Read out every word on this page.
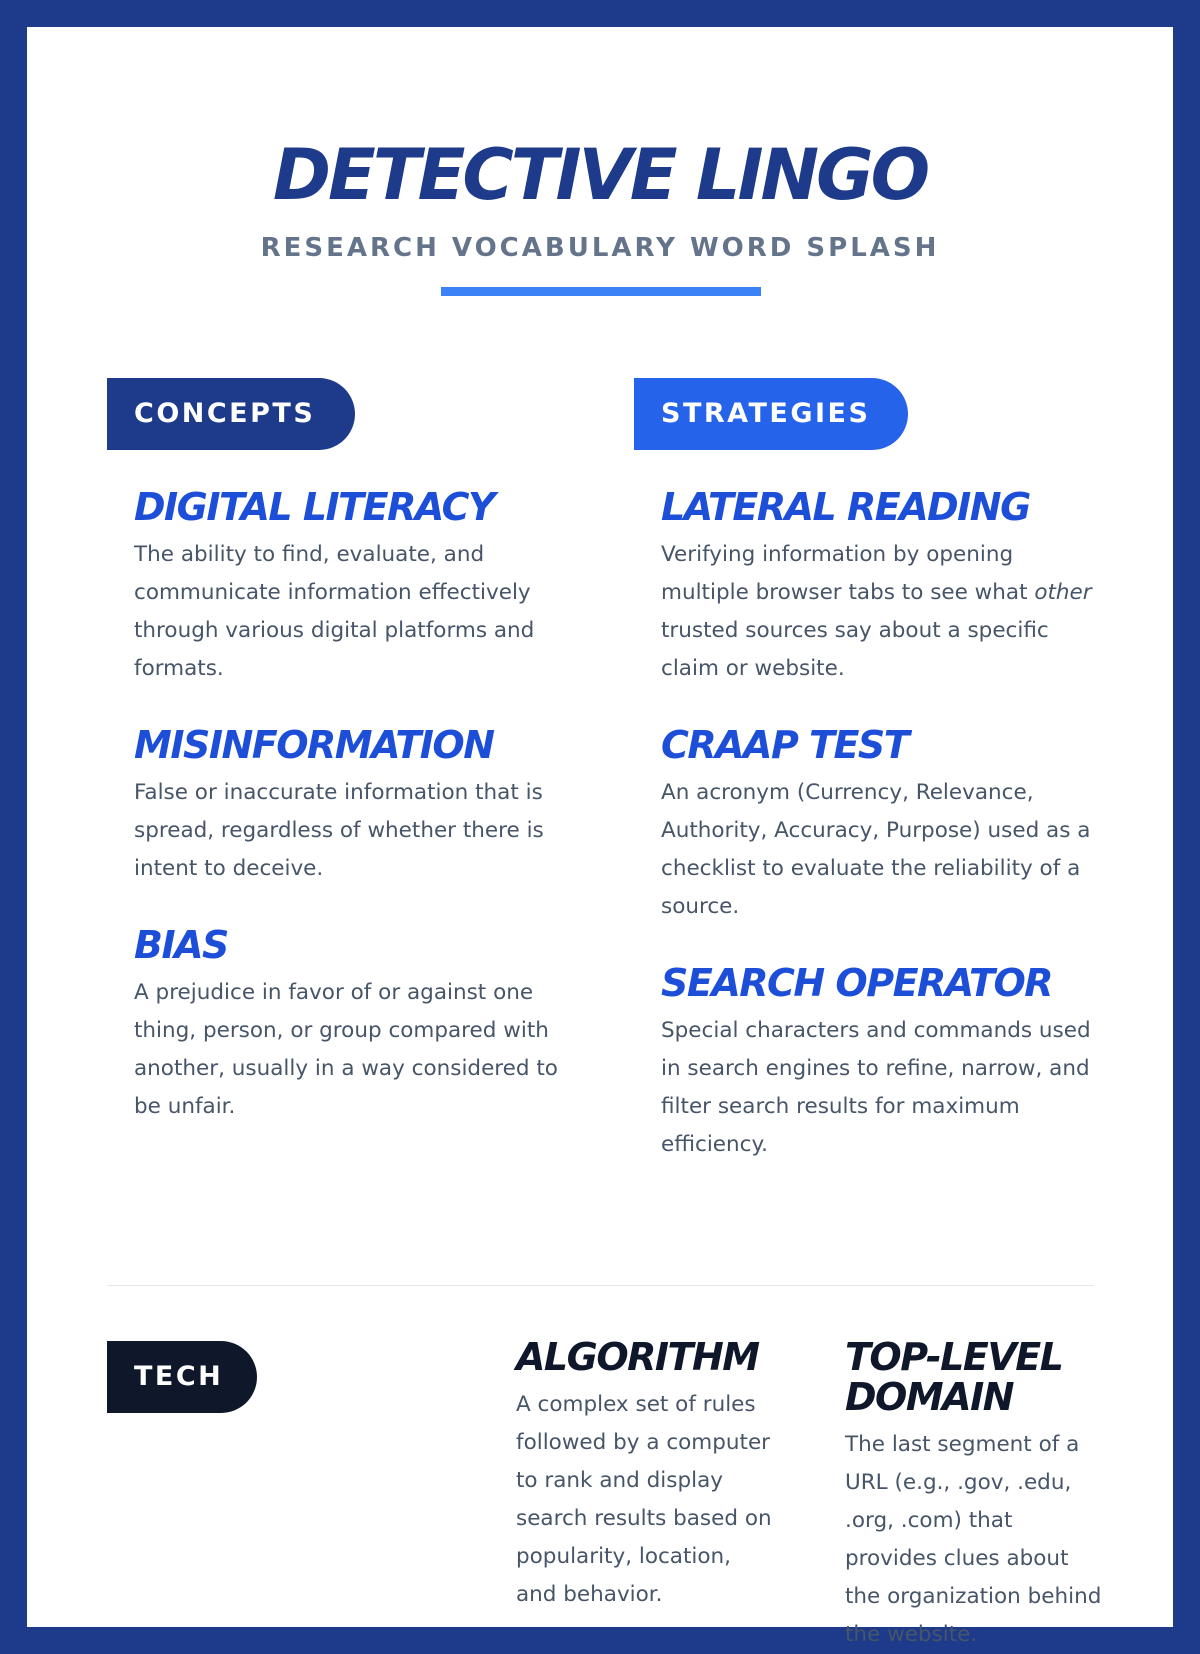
DETECTIVE LINGO
RESEARCH VOCABULARY WORD SPLASH
CONCEPTS
DIGITAL LITERACY

The ability to find, evaluate, and communicate information effectively through various digital platforms and formats.

MISINFORMATION

False or inaccurate information that is spread, regardless of whether there is intent to deceive.

BIAS

A prejudice in favor of or against one thing, person, or group compared with another, usually in a way considered to be unfair.

STRATEGIES
LATERAL READING

Verifying information by opening multiple browser tabs to see what other trusted sources say about a specific claim or website.

CRAAP TEST

An acronym (Currency, Relevance, Authority, Accuracy, Purpose) used as a checklist to evaluate the reliability of a source.

SEARCH OPERATOR

Special characters and commands used in search engines to refine, narrow, and filter search results for maximum efficiency.

TECH	ALGORITHM

A complex set of rules followed by a computer to rank and display search results based on popularity, location, and behavior.

TOP-LEVEL DOMAIN

The last segment of a URL (e.g., .gov, .edu, .org, .com) that provides clues about the organization behind the website.
